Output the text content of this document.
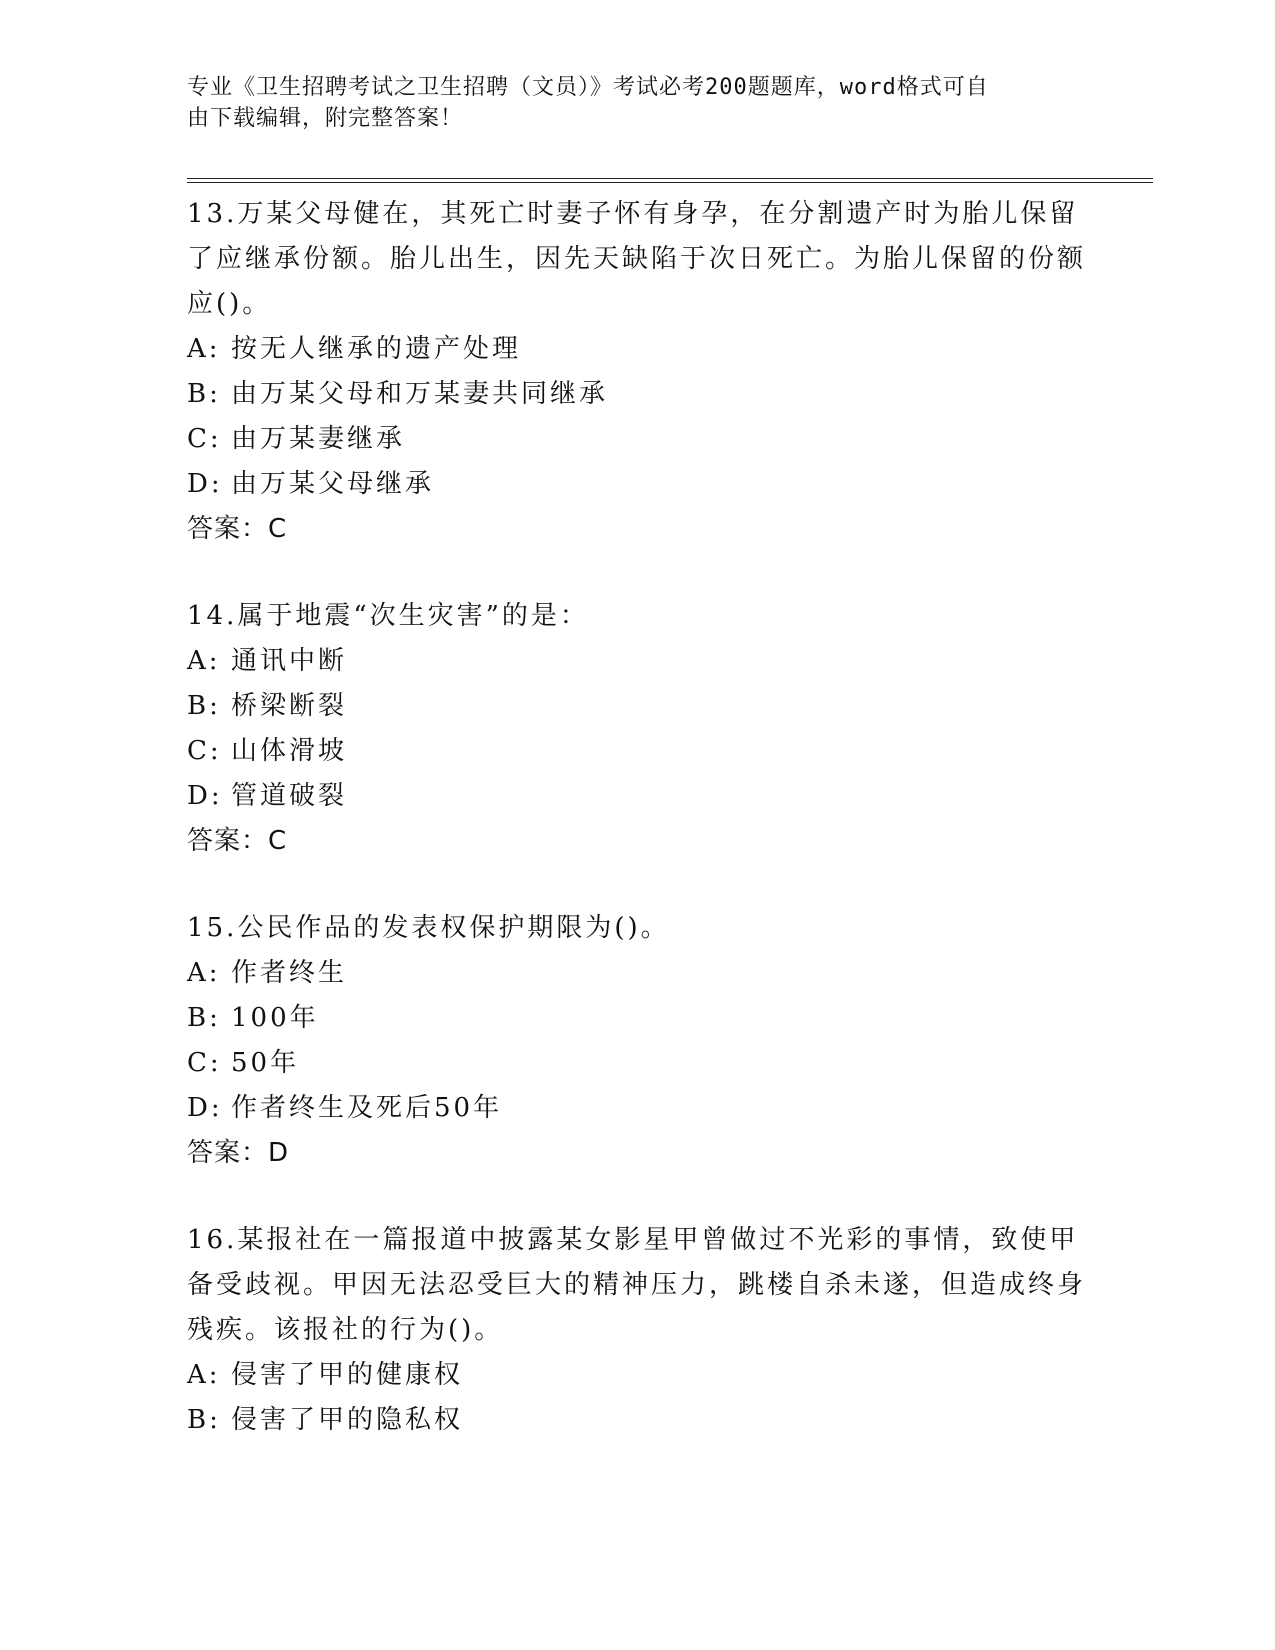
专业《卫生招聘考试之卫生招聘（文员）》考试必考200题题库，word格式可自
由下载编辑，附完整答案！
13.万某父母健在，其死亡时妻子怀有身孕，在分割遗产时为胎儿保留了应继承份额。胎儿出生，因先天缺陷于次日死亡。为胎儿保留的份额应()。
A: 按无人继承的遗产处理
B: 由万某父母和万某妻共同继承
C: 由万某妻继承
D: 由万某父母继承
答案：C
14.属于地震“次生灾害”的是：
A: 通讯中断
B: 桥梁断裂
C: 山体滑坡
D: 管道破裂
答案：C
15.公民作品的发表权保护期限为()。
A: 作者终生
B: 100年
C: 50年
D: 作者终生及死后50年
答案：D
16.某报社在一篇报道中披露某女影星甲曾做过不光彩的事情，致使甲备受歧视。甲因无法忍受巨大的精神压力，跳楼自杀未遂，但造成终身残疾。该报社的行为()。
A: 侵害了甲的健康权
B: 侵害了甲的隐私权
